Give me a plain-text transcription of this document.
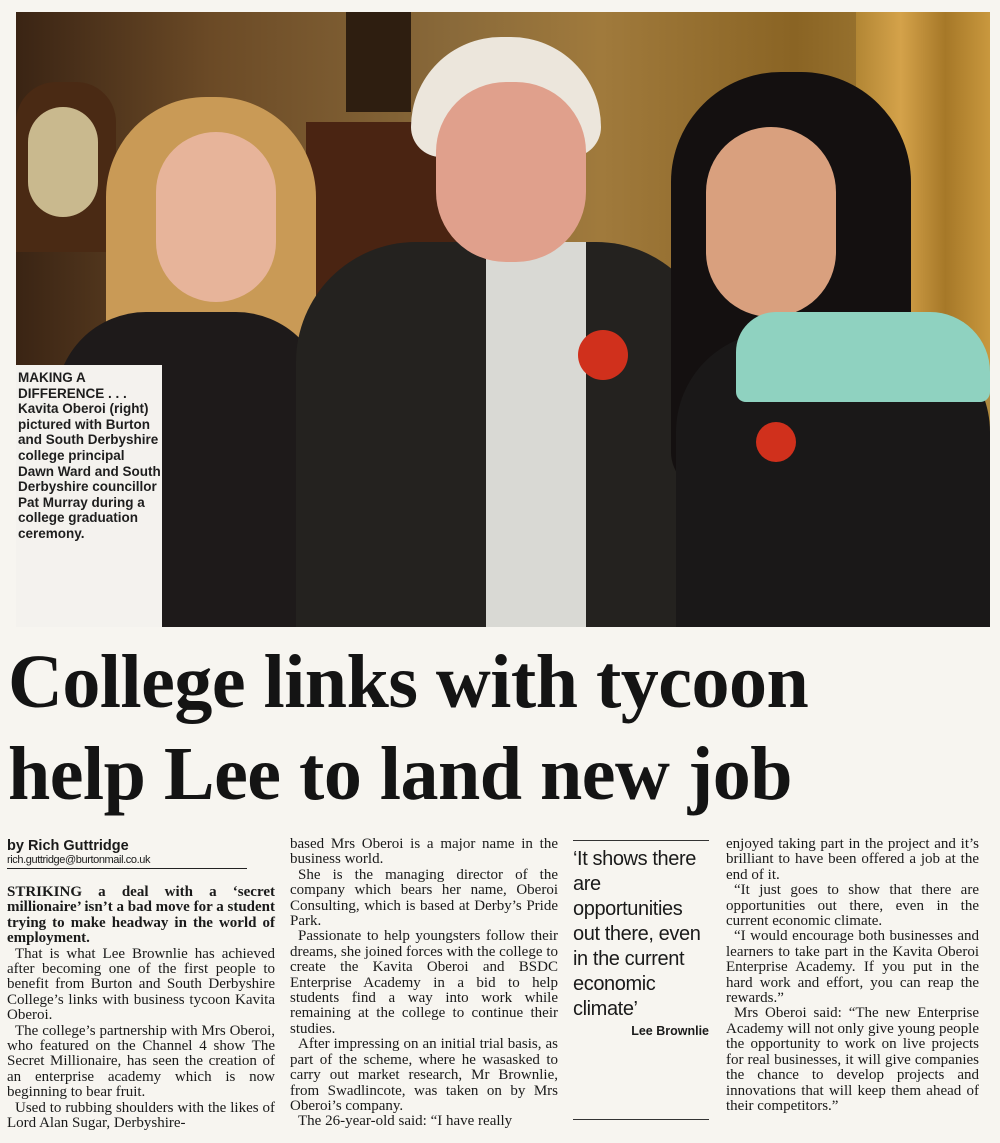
MAKING A DIFFERENCE . . .
Kavita Oberoi (right) pictured with Burton and South Derbyshire college principal Dawn Ward and South Derbyshire councillor Pat Murray during a college graduation ceremony.
College links with tycoon
help Lee to land new job
by Rich Guttridge
rich.guttridge@burtonmail.co.uk

STRIKING a deal with a ‘secret millionaire’ isn’t a bad move for a student trying to make headway in the world of employment.

That is what Lee Brownlie has achieved after becoming one of the first people to benefit from Burton and South Derbyshire College’s links with business tycoon Kavita Oberoi.

The college’s partnership with Mrs Oberoi, who featured on the Channel 4 show The Secret Millionaire, has seen the creation of an enterprise academy which is now beginning to bear fruit.

Used to rubbing shoulders with the likes of Lord Alan Sugar, Derbyshire-

based Mrs Oberoi is a major name in the business world.

She is the managing director of the company which bears her name, Oberoi Consulting, which is based at Derby’s Pride Park.

Passionate to help youngsters follow their dreams, she joined forces with the college to create the Kavita Oberoi and BSDC Enterprise Academy in a bid to help students find a way into work while remaining at the college to continue their studies.

After impressing on an initial trial basis, as part of the scheme, where he wasasked to carry out market research, Mr Brownlie, from Swadlincote, was taken on by Mrs Oberoi’s company.

The 26-year-old said: “I have really

‘It shows there are opportunities out there, even in the current economic climate’
Lee Brownlie

enjoyed taking part in the project and it’s brilliant to have been offered a job at the end of it.

“It just goes to show that there are opportunities out there, even in the current economic climate.

“I would encourage both businesses and learners to take part in the Kavita Oberoi Enterprise Academy. If you put in the hard work and effort, you can reap the rewards.”

Mrs Oberoi said: “The new Enterprise Academy will not only give young people the opportunity to work on live projects for real businesses, it will give companies the chance to develop projects and innovations that will keep them ahead of their competitors.”
